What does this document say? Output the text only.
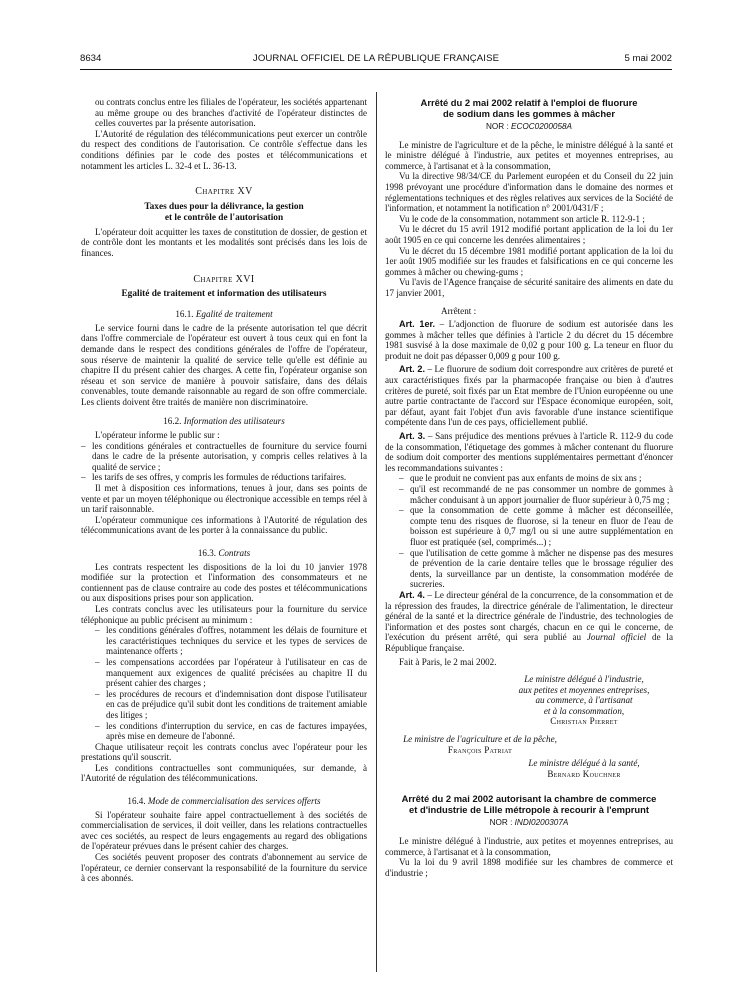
8634	JOURNAL OFFICIEL DE LA RÉPUBLIQUE FRANÇAISE	5 mai 2002

ou contrats conclus entre les filiales de l'opérateur, les sociétés appartenant au même groupe ou des branches d'activité de l'opérateur distinctes de celles couvertes par la présente autorisation.

L'Autorité de régulation des télécommunications peut exercer un contrôle du respect des conditions de l'autorisation. Ce contrôle s'effectue dans les conditions définies par le code des postes et télécommunications et notamment les articles L. 32-4 et L. 36-13.

Chapitre XV
Taxes dues pour la délivrance, la gestion
et le contrôle de l'autorisation

L'opérateur doit acquitter les taxes de constitution de dossier, de gestion et de contrôle dont les montants et les modalités sont précisés dans les lois de finances.

Chapitre XVI
Egalité de traitement et information des utilisateurs
16.1. Egalité de traitement

Le service fourni dans le cadre de la présente autorisation tel que décrit dans l'offre commerciale de l'opérateur est ouvert à tous ceux qui en font la demande dans le respect des conditions générales de l'offre de l'opérateur, sous réserve de maintenir la qualité de service telle qu'elle est définie au chapitre II du présent cahier des charges. A cette fin, l'opérateur organise son réseau et son service de manière à pouvoir satisfaire, dans des délais convenables, toute demande raisonnable au regard de son offre commerciale. Les clients doivent être traités de manière non discriminatoire.

16.2. Information des utilisateurs

L'opérateur informe le public sur :

– les conditions générales et contractuelles de fourniture du service fourni dans le cadre de la présente autorisation, y compris celles relatives à la qualité de service ;
– les tarifs de ses offres, y compris les formules de réductions tarifaires.

Il met à disposition ces informations, tenues à jour, dans ses points de vente et par un moyen téléphonique ou électronique accessible en temps réel à un tarif raisonnable.

L'opérateur communique ces informations à l'Autorité de régulation des télécommunications avant de les porter à la connaissance du public.

16.3. Contrats

Les contrats respectent les dispositions de la loi du 10 janvier 1978 modifiée sur la protection et l'information des consommateurs et ne contiennent pas de clause contraire au code des postes et télécommunications ou aux dispositions prises pour son application.

Les contrats conclus avec les utilisateurs pour la fourniture du service téléphonique au public précisent au minimum :

– les conditions générales d'offres, notamment les délais de fourniture et les caractéristiques techniques du service et les types de services de maintenance offerts ;
– les compensations accordées par l'opérateur à l'utilisateur en cas de manquement aux exigences de qualité précisées au chapitre II du présent cahier des charges ;
– les procédures de recours et d'indemnisation dont dispose l'utilisateur en cas de préjudice qu'il subit dont les conditions de traitement amiable des litiges ;
– les conditions d'interruption du service, en cas de factures impayées, après mise en demeure de l'abonné.

Chaque utilisateur reçoit les contrats conclus avec l'opérateur pour les prestations qu'il souscrit.

Les conditions contractuelles sont communiquées, sur demande, à l'Autorité de régulation des télécommunications.

16.4. Mode de commercialisation des services offerts

Si l'opérateur souhaite faire appel contractuellement à des sociétés de commercialisation de services, il doit veiller, dans les relations contractuelles avec ces sociétés, au respect de leurs engagements au regard des obligations de l'opérateur prévues dans le présent cahier des charges.

Ces sociétés peuvent proposer des contrats d'abonnement au service de l'opérateur, ce dernier conservant la responsabilité de la fourniture du service à ces abonnés.

Arrêté du 2 mai 2002 relatif à l'emploi de fluorure
de sodium dans les gommes à mâcher
NOR : ECOC0200058A

Le ministre de l'agriculture et de la pêche, le ministre délégué à la santé et le ministre délégué à l'industrie, aux petites et moyennes entreprises, au commerce, à l'artisanat et à la consommation,

Vu la directive 98/34/CE du Parlement européen et du Conseil du 22 juin 1998 prévoyant une procédure d'information dans le domaine des normes et réglementations techniques et des règles relatives aux services de la Société de l'information, et notamment la notification n° 2001/0431/F ;

Vu le code de la consommation, notamment son article R. 112-9-1 ;

Vu le décret du 15 avril 1912 modifié portant application de la loi du 1er août 1905 en ce qui concerne les denrées alimentaires ;

Vu le décret du 15 décembre 1981 modifié portant application de la loi du 1er août 1905 modifiée sur les fraudes et falsifications en ce qui concerne les gommes à mâcher ou chewing-gums ;

Vu l'avis de l'Agence française de sécurité sanitaire des aliments en date du 17 janvier 2001,

Arrêtent :

Art. 1er. – L'adjonction de fluorure de sodium est autorisée dans les gommes à mâcher telles que définies à l'article 2 du décret du 15 décembre 1981 susvisé à la dose maximale de 0,02 g pour 100 g. La teneur en fluor du produit ne doit pas dépasser 0,009 g pour 100 g.

Art. 2. – Le fluorure de sodium doit correspondre aux critères de pureté et aux caractéristiques fixés par la pharmacopée française ou bien à d'autres critères de pureté, soit fixés par un Etat membre de l'Union européenne ou une autre partie contractante de l'accord sur l'Espace économique européen, soit, par défaut, ayant fait l'objet d'un avis favorable d'une instance scientifique compétente dans l'un de ces pays, officiellement publié.

Art. 3. – Sans préjudice des mentions prévues à l'article R. 112-9 du code de la consommation, l'étiquetage des gommes à mâcher contenant du fluorure de sodium doit comporter des mentions supplémentaires permettant d'énoncer les recommandations suivantes :

– que le produit ne convient pas aux enfants de moins de six ans ;
– qu'il est recommandé de ne pas consommer un nombre de gommes à mâcher conduisant à un apport journalier de fluor supérieur à 0,75 mg ;
– que la consommation de cette gomme à mâcher est déconseillée, compte tenu des risques de fluorose, si la teneur en fluor de l'eau de boisson est supérieure à 0,7 mg/l ou si une autre supplémentation en fluor est pratiquée (sel, comprimés...) ;
– que l'utilisation de cette gomme à mâcher ne dispense pas des mesures de prévention de la carie dentaire telles que le brossage régulier des dents, la surveillance par un dentiste, la consommation modérée de sucreries.

Art. 4. – Le directeur général de la concurrence, de la consommation et de la répression des fraudes, la directrice générale de l'alimentation, le directeur général de la santé et la directrice générale de l'industrie, des technologies de l'information et des postes sont chargés, chacun en ce qui le concerne, de l'exécution du présent arrêté, qui sera publié au Journal officiel de la République française.

Fait à Paris, le 2 mai 2002.

Le ministre délégué à l'industrie,
aux petites et moyennes entreprises,
au commerce, à l'artisanat
et à la consommation,
Christian Pierret
Le ministre de l'agriculture et de la pêche,
François Patriat
Le ministre délégué à la santé,
Bernard Kouchner
Arrêté du 2 mai 2002 autorisant la chambre de commerce
et d'industrie de Lille métropole à recourir à l'emprunt
NOR : INDI0200307A

Le ministre délégué à l'industrie, aux petites et moyennes entreprises, au commerce, à l'artisanat et à la consommation,

Vu la loi du 9 avril 1898 modifiée sur les chambres de commerce et d'industrie ;
